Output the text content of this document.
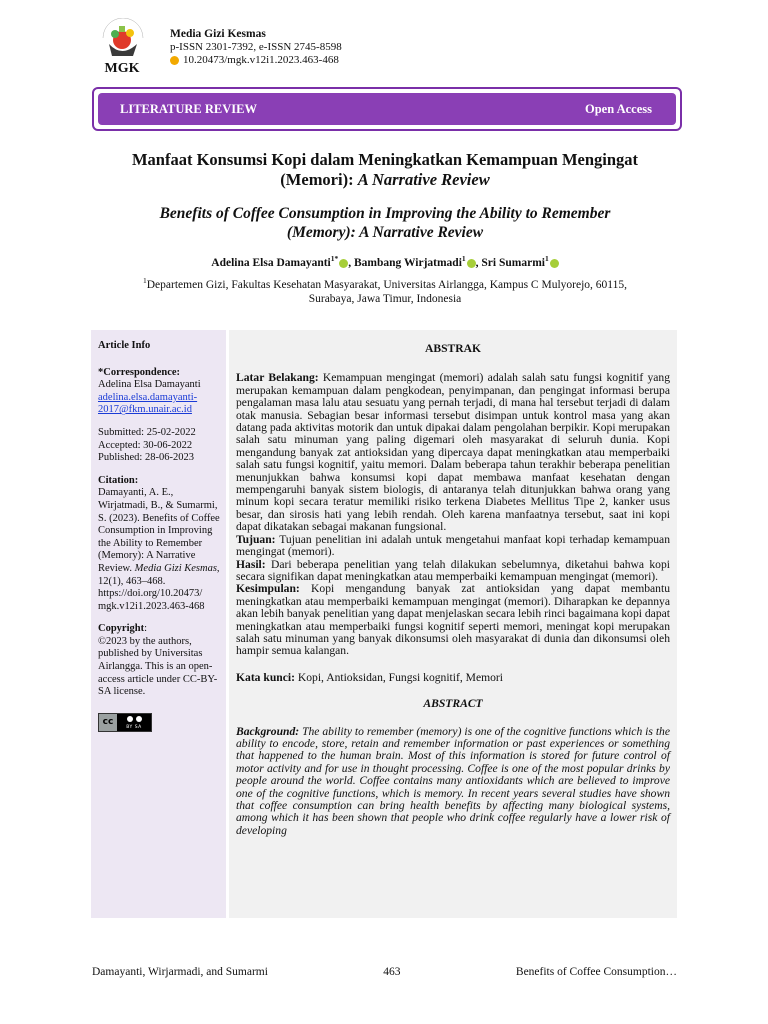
MGK
Media Gizi Kesmas
p-ISSN 2301-7392, e-ISSN 2745-8598
10.20473/mgk.v12i1.2023.463-468
LITERATURE REVIEW	Open Access
Manfaat Konsumsi Kopi dalam Meningkatkan Kemampuan Mengingat
(Memori): A Narrative Review
Benefits of Coffee Consumption in Improving the Ability to Remember
(Memory): A Narrative Review
Adelina Elsa Damayanti$^{1*}$ , Bambang Wirjatmadi$^1$ , Sri Sumarmi$^1$
$^1$Departemen Gizi, Fakultas Kesehatan Masyarakat, Universitas Airlangga, Kampus C Mulyorejo, 60115,
Surabaya, Jawa Timur, Indonesia
Article Info
*Correspondence:
Adelina Elsa Damayanti
adelina.elsa.damayanti-
2017@fkm.unair.ac.id
Submitted: 25-02-2022
Accepted: 30-06-2022
Published: 28-06-2023
Citation:
Damayanti, A. E., Wirjatmadi, B., & Sumarmi, S. (2023). Benefits of Coffee Consumption in Improving the Ability to Remember (Memory): A Narrative Review. Media Gizi Kesmas, 12(1), 463–468. https://doi.org/10.20473/ mgk.v12i1.2023.463-468
Copyright:
©2023 by the authors, published by Universitas Airlangga. This is an open-access article under CC-BY-SA license.
cc
BY SA
ABSTRAK
Latar Belakang: Kemampuan mengingat (memori) adalah salah satu fungsi kognitif yang merupakan kemampuan dalam pengkodean, penyimpanan, dan pengingat informasi berupa pengalaman masa lalu atau sesuatu yang pernah terjadi, di mana hal tersebut terjadi di dalam otak manusia. Sebagian besar informasi tersebut disimpan untuk kontrol masa yang akan datang pada aktivitas motorik dan untuk dipakai dalam pengolahan berpikir. Kopi merupakan salah satu minuman yang paling digemari oleh masyarakat di seluruh dunia. Kopi mengandung banyak zat antioksidan yang dipercaya dapat meningkatkan atau memperbaiki salah satu fungsi kognitif, yaitu memori. Dalam beberapa tahun terakhir beberapa penelitian menunjukkan bahwa konsumsi kopi dapat membawa manfaat kesehatan dengan mempengaruhi banyak sistem biologis, di antaranya telah ditunjukkan bahwa orang yang minum kopi secara teratur memiliki risiko terkena Diabetes Mellitus Tipe 2, kanker usus besar, dan sirosis hati yang lebih rendah. Oleh karena manfaatnya tersebut, saat ini kopi dapat dikatakan sebagai makanan fungsional.
Tujuan: Tujuan penelitian ini adalah untuk mengetahui manfaat kopi terhadap kemampuan mengingat (memori).
Hasil: Dari beberapa penelitian yang telah dilakukan sebelumnya, diketahui bahwa kopi secara signifikan dapat meningkatkan atau memperbaiki kemampuan mengingat (memori).
Kesimpulan: Kopi mengandung banyak zat antioksidan yang dapat membantu meningkatkan atau memperbaiki kemampuan mengingat (memori). Diharapkan ke depannya akan lebih banyak penelitian yang dapat menjelaskan secara lebih rinci bagaimana kopi dapat meningkatkan atau memperbaiki fungsi kognitif seperti memori, meningat kopi merupakan salah satu minuman yang banyak dikonsumsi oleh masyarakat di dunia dan dikonsumsi oleh hampir semua kalangan.
Kata kunci: Kopi, Antioksidan, Fungsi kognitif, Memori
ABSTRACT
Background: The ability to remember (memory) is one of the cognitive functions which is the ability to encode, store, retain and remember information or past experiences or something that happened to the human brain. Most of this information is stored for future control of motor activity and for use in thought processing. Coffee is one of the most popular drinks by people around the world. Coffee contains many antioxidants which are believed to improve one of the cognitive functions, which is memory. In recent years several studies have shown that coffee consumption can bring health benefits by affecting many biological systems, among which it has been shown that people who drink coffee regularly have a lower risk of developing
Damayanti, Wirjarmadi, and Sumarmi	463	Benefits of Coffee Consumption…
